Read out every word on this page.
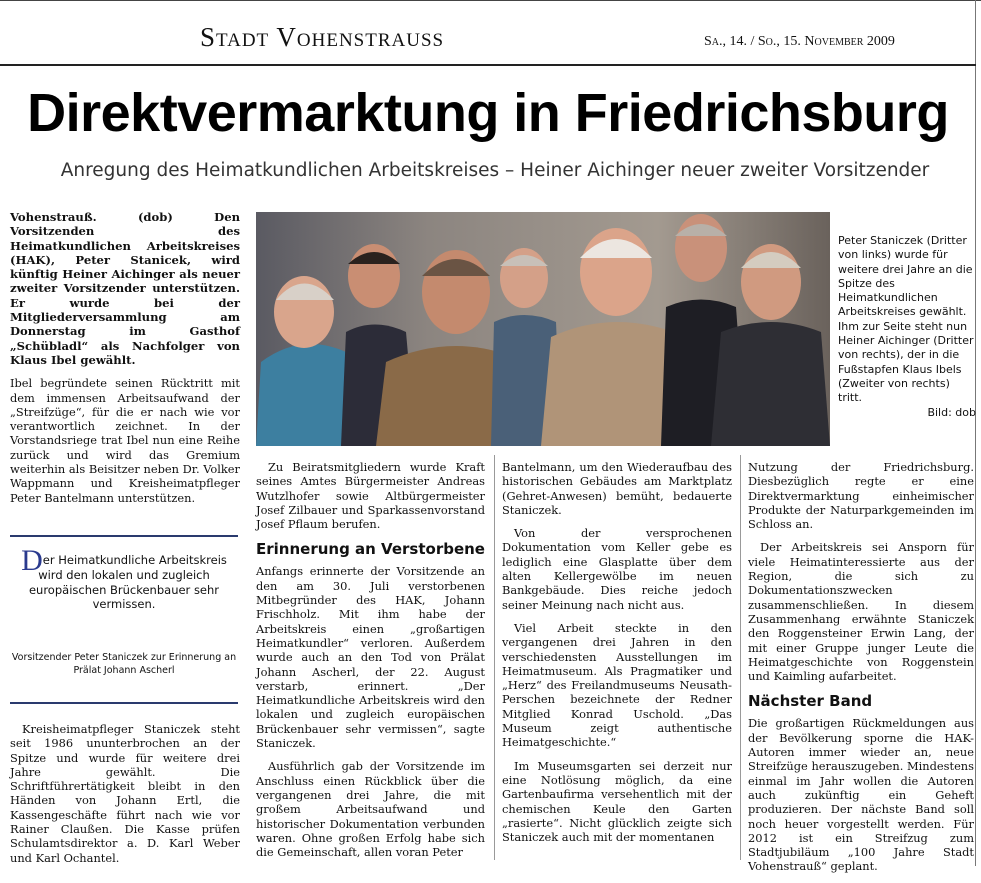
Stadt Vohenstrauss	Sa., 14. / So., 15. November 2009
Direktvermarktung in Friedrichsburg
Anregung des Heimatkundlichen Arbeitskreises – Heiner Aichinger neuer zweiter Vorsitzender

Vohenstrauß. (dob) Den Vorsitzenden des Heimatkundlichen Arbeitskreises (HAK), Peter Stanicek, wird künftig Heiner Aichinger als neuer zweiter Vorsitzender unterstützen. Er wurde bei der Mitgliederversammlung am Donnerstag im Gasthof „Schübladl“ als Nachfolger von Klaus Ibel gewählt.

Ibel begründete seinen Rücktritt mit dem immensen Arbeitsaufwand der „Streifzüge“, für die er nach wie vor verantwortlich zeichnet. In der Vorstandsriege trat Ibel nun eine Reihe zurück und wird das Gremium weiterhin als Beisitzer neben Dr. Volker Wappmann und Kreisheimatpfleger Peter Bantelmann unterstützen.

Der Heimatkundliche Arbeitskreis wird den lokalen und zugleich europäischen Brückenbauer sehr vermissen.
Vorsitzender Peter Staniczek zur Erinnerung an Prälat Johann Ascherl

Kreisheimatpfleger Staniczek steht seit 1986 ununterbrochen an der Spitze und wurde für weitere drei Jahre gewählt. Die Schriftführertätigkeit bleibt in den Händen von Johann Ertl, die Kassengeschäfte führt nach wie vor Rainer Claußen. Die Kasse prüfen Schulamtsdirektor a. D. Karl Weber und Karl Ochantel.

Peter Staniczek (Dritter von links) wurde für weitere drei Jahre an die Spitze des Heimatkundlichen Arbeitskreises gewählt. Ihm zur Seite steht nun Heiner Aichinger (Dritter von rechts), der in die Fußstapfen Klaus Ibels (Zweiter von rechts) tritt.
Bild: dob

Zu Beiratsmitgliedern wurde Kraft seines Amtes Bürgermeister Andreas Wutzlhofer sowie Altbürgermeister Josef Zilbauer und Sparkassenvorstand Josef Pflaum berufen.

Erinnerung an Verstorbene

Anfangs erinnerte der Vorsitzende an den am 30. Juli verstorbenen Mitbegründer des HAK, Johann Frischholz. Mit ihm habe der Arbeitskreis einen „großartigen Heimatkundler“ verloren. Außerdem wurde auch an den Tod von Prälat Johann Ascherl, der 22. August verstarb, erinnert. „Der Heimatkundliche Arbeitskreis wird den lokalen und zugleich europäischen Brückenbauer sehr vermissen“, sagte Staniczek.

Ausführlich gab der Vorsitzende im Anschluss einen Rückblick über die vergangenen drei Jahre, die mit großem Arbeitsaufwand und historischer Dokumentation verbunden waren. Ohne großen Erfolg habe sich die Gemeinschaft, allen voran Peter

Bantelmann, um den Wiederaufbau des historischen Gebäudes am Marktplatz (Gehret-Anwesen) bemüht, bedauerte Staniczek.

Von der versprochenen Dokumentation vom Keller gebe es lediglich eine Glasplatte über dem alten Kellergewölbe im neuen Bankgebäude. Dies reiche jedoch seiner Meinung nach nicht aus.

Viel Arbeit steckte in den vergangenen drei Jahren in den verschiedensten Ausstellungen im Heimatmuseum. Als Pragmatiker und „Herz“ des Freilandmuseums Neusath-Perschen bezeichnete der Redner Mitglied Konrad Uschold. „Das Museum zeigt authentische Heimatgeschichte.“

Im Museumsgarten sei derzeit nur eine Notlösung möglich, da eine Gartenbaufirma versehentlich mit der chemischen Keule den Garten „rasierte“. Nicht glücklich zeigte sich Staniczek auch mit der momentanen

Nutzung der Friedrichsburg. Diesbezüglich regte er eine Direktvermarktung einheimischer Produkte der Naturparkgemeinden im Schloss an.

Der Arbeitskreis sei Ansporn für viele Heimatinteressierte aus der Region, die sich zu Dokumentationszwecken zusammenschließen. In diesem Zusammenhang erwähnte Staniczek den Roggensteiner Erwin Lang, der mit einer Gruppe junger Leute die Heimatgeschichte von Roggenstein und Kaimling aufarbeitet.

Nächster Band

Die großartigen Rückmeldungen aus der Bevölkerung sporne die HAK-Autoren immer wieder an, neue Streifzüge herauszugeben. Mindestens einmal im Jahr wollen die Autoren auch zukünftig ein Geheft produzieren. Der nächste Band soll noch heuer vorgestellt werden. Für 2012 ist ein Streifzug zum Stadtjubiläum „100 Jahre Stadt Vohenstrauß“ geplant.
